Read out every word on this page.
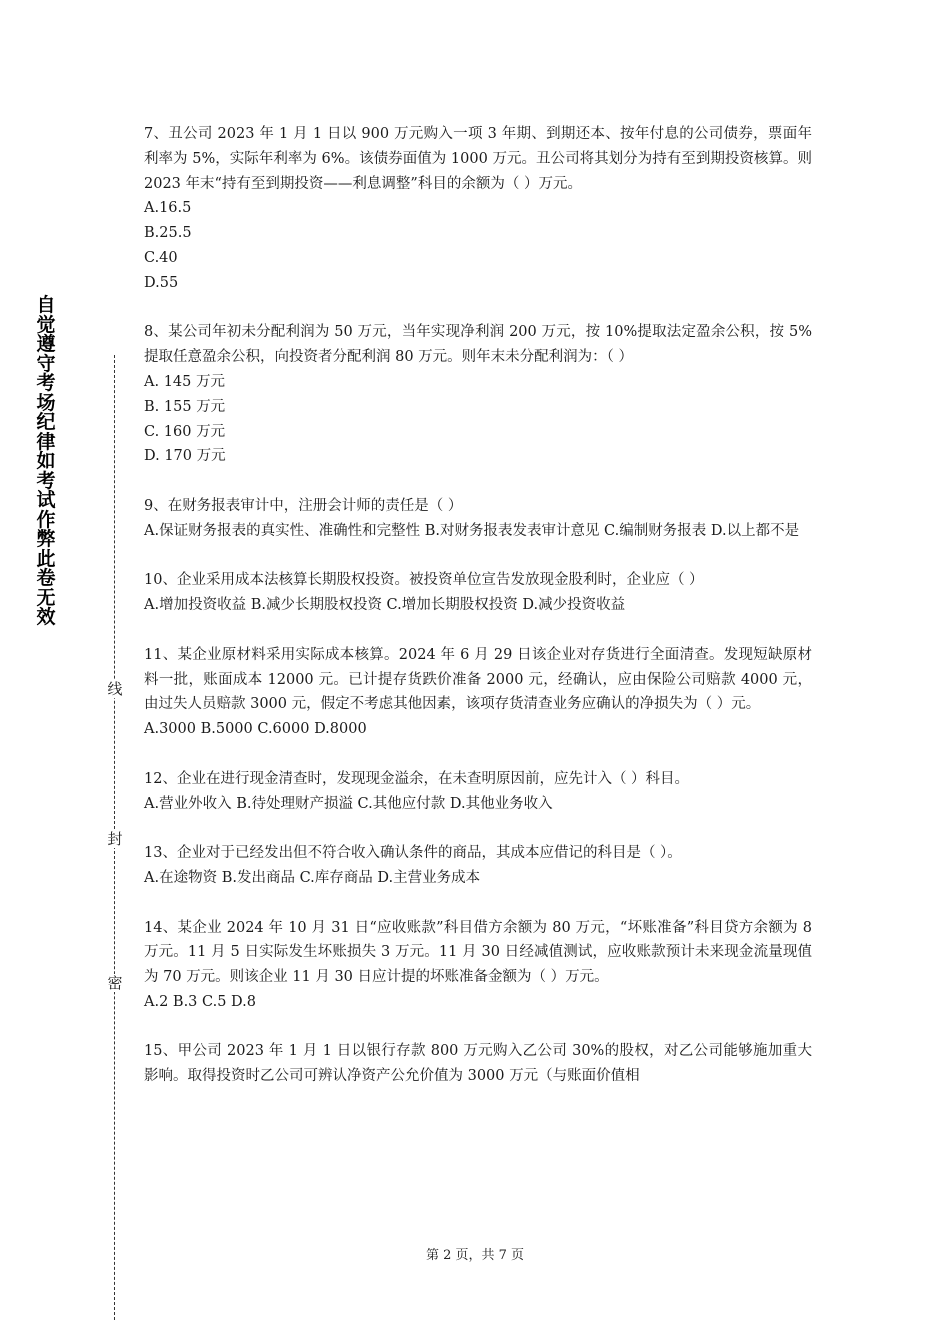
自觉遵守考场纪律如考试作弊此卷无效
线
封
密

7、丑公司 2023 年 1 月 1 日以 900 万元购入一项 3 年期、到期还本、按年付息的公司债券，票面年利率为 5%，实际年利率为 6%。该债券面值为 1000 万元。丑公司将其划分为持有至到期投资核算。则 2023 年末“持有至到期投资——利息调整”科目的余额为（ ）万元。

A.16.5

B.25.5

C.40

D.55

8、某公司年初未分配利润为 50 万元，当年实现净利润 200 万元，按 10%提取法定盈余公积，按 5%提取任意盈余公积，向投资者分配利润 80 万元。则年末未分配利润为：（ ）

A. 145 万元

B. 155 万元

C. 160 万元

D. 170 万元

9、在财务报表审计中，注册会计师的责任是（ ）

A.保证财务报表的真实性、准确性和完整性 B.对财务报表发表审计意见 C.编制财务报表 D.以上都不是

10、企业采用成本法核算长期股权投资。被投资单位宣告发放现金股利时，企业应（ ）

A.增加投资收益 B.减少长期股权投资 C.增加长期股权投资 D.减少投资收益

11、某企业原材料采用实际成本核算。2024 年 6 月 29 日该企业对存货进行全面清查。发现短缺原材料一批，账面成本 12000 元。已计提存货跌价准备 2000 元，经确认，应由保险公司赔款 4000 元，由过失人员赔款 3000 元，假定不考虑其他因素，该项存货清查业务应确认的净损失为（ ）元。

A.3000 B.5000 C.6000 D.8000

12、企业在进行现金清查时，发现现金溢余，在未查明原因前，应先计入（ ）科目。

A.营业外收入 B.待处理财产损溢 C.其他应付款 D.其他业务收入

13、企业对于已经发出但不符合收入确认条件的商品，其成本应借记的科目是（ ）。

A.在途物资 B.发出商品 C.库存商品 D.主营业务成本

14、某企业 2024 年 10 月 31 日“应收账款”科目借方余额为 80 万元，“坏账准备”科目贷方余额为 8 万元。11 月 5 日实际发生坏账损失 3 万元。11 月 30 日经减值测试，应收账款预计未来现金流量现值为 70 万元。则该企业 11 月 30 日应计提的坏账准备金额为（ ）万元。

A.2 B.3 C.5 D.8

15、甲公司 2023 年 1 月 1 日以银行存款 800 万元购入乙公司 30%的股权，对乙公司能够施加重大影响。取得投资时乙公司可辨认净资产公允价值为 3000 万元（与账面价值相

第 2 页，共 7 页
